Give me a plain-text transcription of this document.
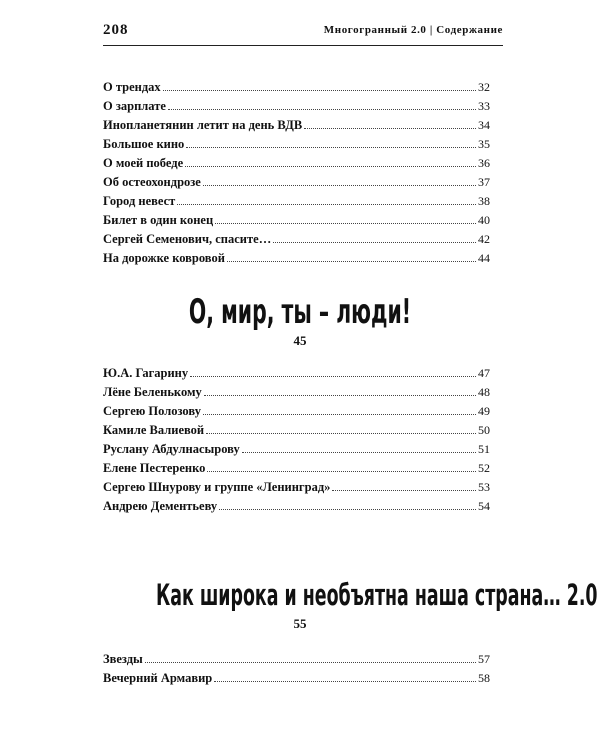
208	Многогранный 2.0 | Содержание
О трендах	32
О зарплате	33
Инопланетянин летит на день ВДВ	34
Большое кино	35
О моей победе	36
Об остеохондрозе	37
Город невест	38
Билет в один конец	40
Сергей Семенович, спасите…	42
На дорожке ковровой	44
О, мир, ты – люди!
45
Ю.А. Гагарину	47
Лёне Беленькому	48
Сергею Полозову	49
Камиле Валиевой	50
Руслану Абдулнасырову	51
Елене Пестеренко	52
Сергею Шнурову и группе «Ленинград»	53
Андрею Дементьеву	54
Как широка и необъятна наша страна… 2.0
55
Звезды	57
Вечерний Армавир	58
